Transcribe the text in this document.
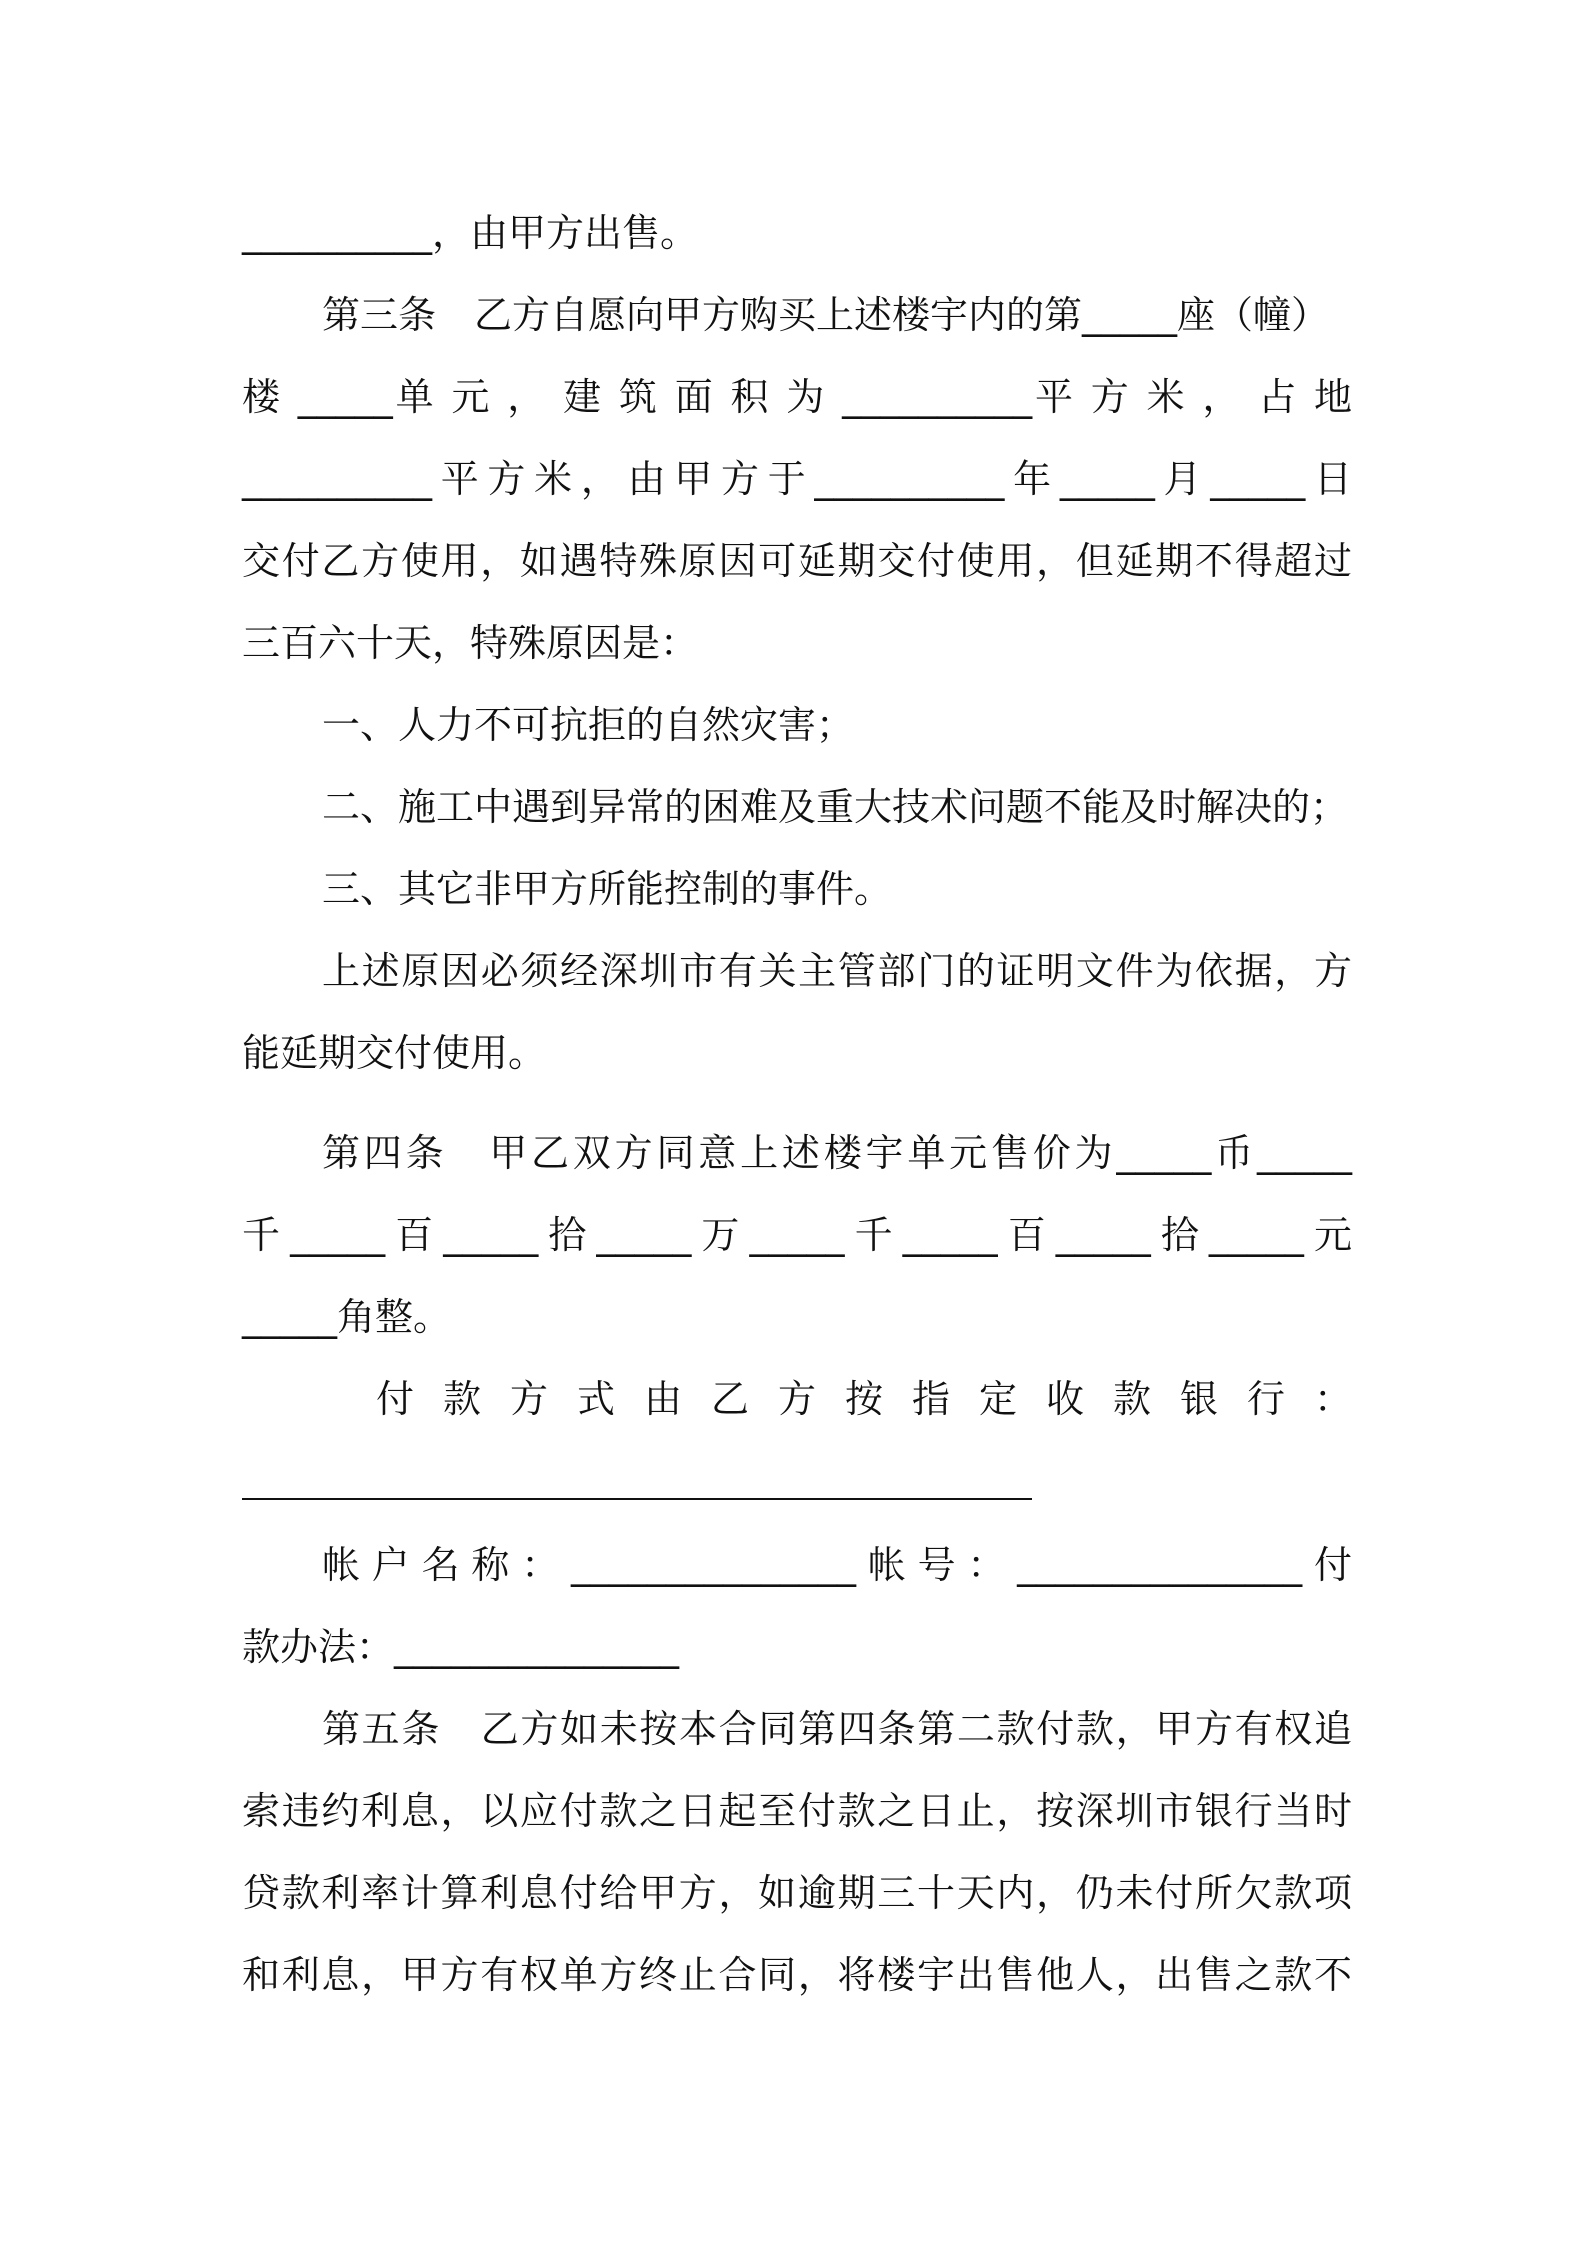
__________，由甲方出售。
第三条　乙方自愿向甲方购买上述楼宇内的第_____座（幢）
楼 _____单 元 ， 建 筑 面 积 为 __________平 方 米 ， 占 地
__________平方米，由甲方于__________年_____月_____日
交付乙方使用，如遇特殊原因可延期交付使用，但延期不得超过
三百六十天，特殊原因是：
一、人力不可抗拒的自然灾害；
二、施工中遇到异常的困难及重大技术问题不能及时解决的；
三、其它非甲方所能控制的事件。
上述原因必须经深圳市有关主管部门的证明文件为依据，方
能延期交付使用。
第四条　甲乙双方同意上述楼宇单元售价为_____币_____
千_____百_____拾_____万_____千_____百_____拾_____元
_____角整。
付 款 方 式 由 乙 方 按 指 定 收 款 银 行 ：
帐户名称：_______________帐号：_______________付
款办法：_______________
第五条　乙方如未按本合同第四条第二款付款，甲方有权追
索违约利息，以应付款之日起至付款之日止，按深圳市银行当时
贷款利率计算利息付给甲方，如逾期三十天内，仍未付所欠款项
和利息，甲方有权单方终止合同，将楼宇出售他人，出售之款不
